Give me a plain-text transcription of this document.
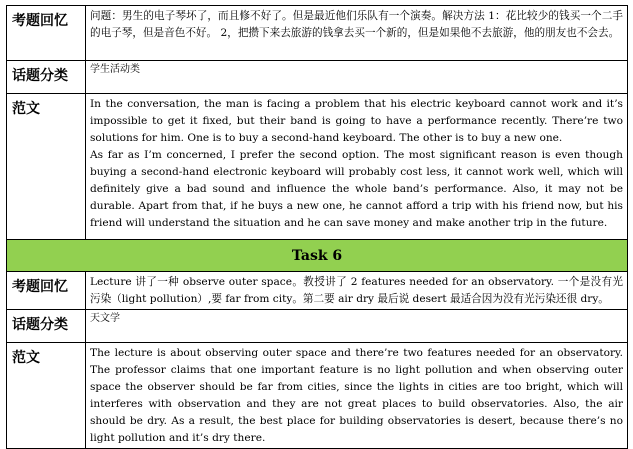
考题回忆	问题：男生的电子琴坏了，而且修不好了。但是最近他们乐队有一个演奏。解决方法 1：花比较少的钱买一个二手的电子琴，但是音色不好。 2，把攒下来去旅游的钱拿去买一个新的，但是如果他不去旅游，他的朋友也不会去。
话题分类	学生活动类
范文	In the conversation, the man is facing a problem that his electric keyboard cannot work and it’s impossible to get it fixed, but their band is going to have a performance recently. There’re two solutions for him. One is to buy a second-hand keyboard. The other is to buy a new one.

As far as I’m concerned, I prefer the second option. The most significant reason is even though buying a second-hand electronic keyboard will probably cost less, it cannot work well, which will definitely give a bad sound and influence the whole band’s performance. Also, it may not be durable. Apart from that, if he buys a new one, he cannot afford a trip with his friend now, but his friend will understand the situation and he can save money and make another trip in the future.

Task 6	
考题回忆	Lecture 讲了一种 observe outer space。教授讲了 2 features needed for an observatory. 一个是没有光污染（light pollution）,要 far from city。第二要 air dry 最后说 desert 最适合因为没有光污染还很 dry。
话题分类	天文学
范文	The lecture is about observing outer space and there’re two features needed for an observatory. The professor claims that one important feature is no light pollution and when observing outer space the observer should be far from cities, since the lights in cities are too bright, which will interferes with observation and they are not great places to build observatories. Also, the air should be dry. As a result, the best place for building observatories is desert, because there’s no light pollution and it’s dry there.
